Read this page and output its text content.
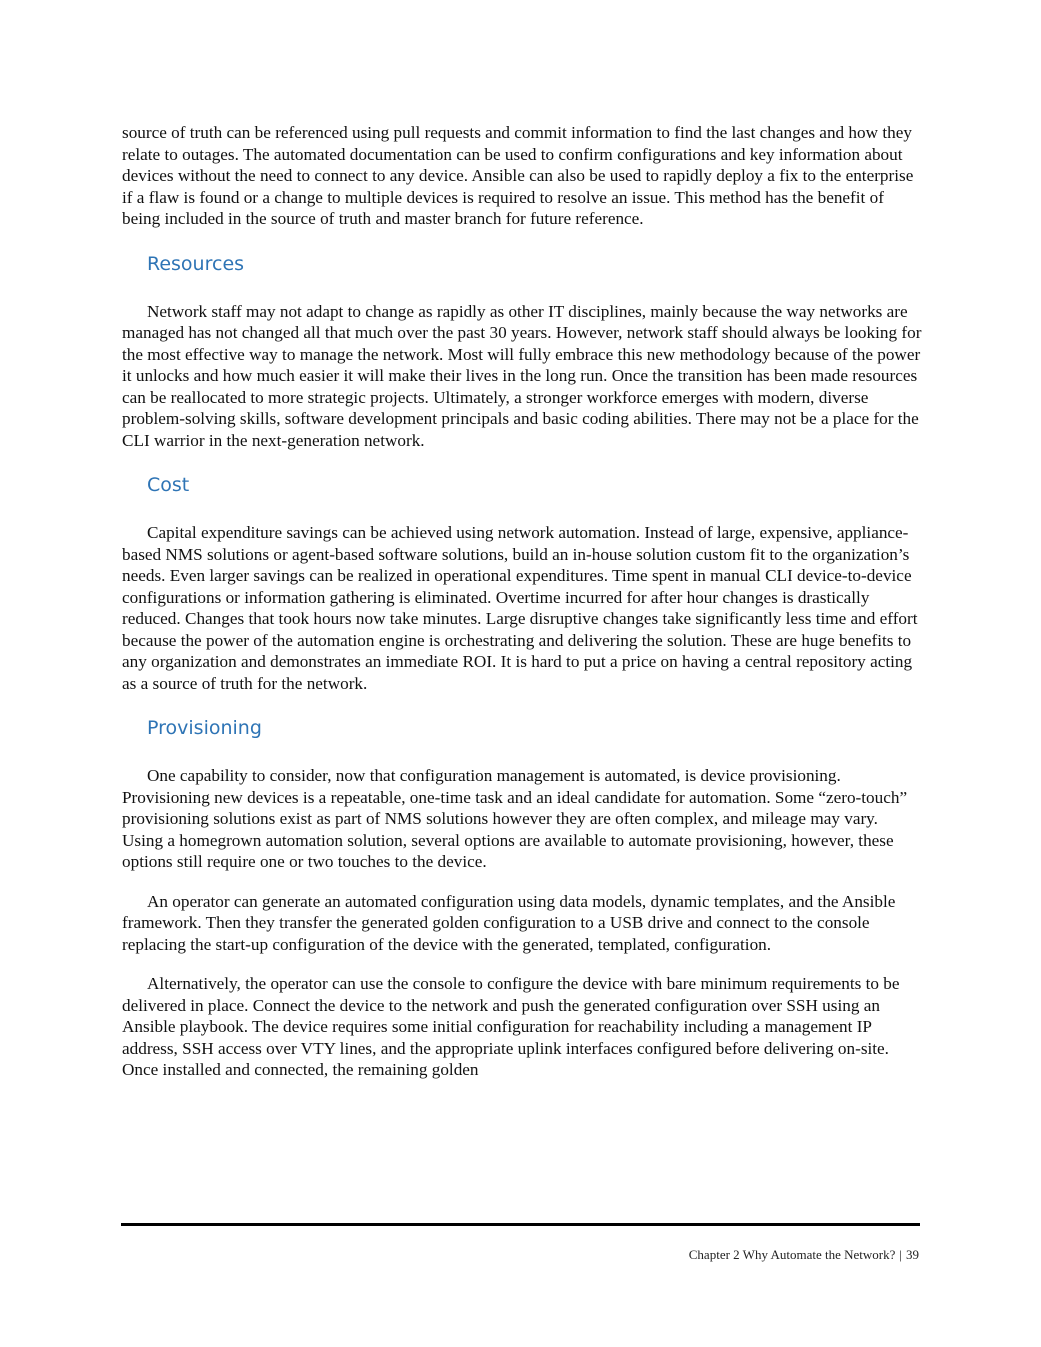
source of truth can be referenced using pull requests and commit information to find the last changes and how they relate to outages. The automated documentation can be used to confirm configurations and key information about devices without the need to connect to any device. Ansible can also be used to rapidly deploy a fix to the enterprise if a flaw is found or a change to multiple devices is required to resolve an issue. This method has the benefit of being included in the source of truth and master branch for future reference.

Resources

Network staff may not adapt to change as rapidly as other IT disciplines, mainly because the way networks are managed has not changed all that much over the past 30 years. However, network staff should always be looking for the most effective way to manage the network. Most will fully embrace this new methodology because of the power it unlocks and how much easier it will make their lives in the long run. Once the transition has been made resources can be reallocated to more strategic projects. Ultimately, a stronger workforce emerges with modern, diverse problem-solving skills, software development principals and basic coding abilities. There may not be a place for the CLI warrior in the next-generation network.

Cost

Capital expenditure savings can be achieved using network automation. Instead of large, expensive, appliance-based NMS solutions or agent-based software solutions, build an in-house solution custom fit to the organization’s needs. Even larger savings can be realized in operational expenditures. Time spent in manual CLI device-to-device configurations or information gathering is eliminated. Overtime incurred for after hour changes is drastically reduced. Changes that took hours now take minutes. Large disruptive changes take significantly less time and effort because the power of the automation engine is orchestrating and delivering the solution. These are huge benefits to any organization and demonstrates an immediate ROI. It is hard to put a price on having a central repository acting as a source of truth for the network.

Provisioning

One capability to consider, now that configuration management is automated, is device provisioning. Provisioning new devices is a repeatable, one-time task and an ideal candidate for automation. Some “zero-touch” provisioning solutions exist as part of NMS solutions however they are often complex, and mileage may vary. Using a homegrown automation solution, several options are available to automate provisioning, however, these options still require one or two touches to the device.

An operator can generate an automated configuration using data models, dynamic templates, and the Ansible framework. Then they transfer the generated golden configuration to a USB drive and connect to the console replacing the start-up configuration of the device with the generated, templated, configuration.

Alternatively, the operator can use the console to configure the device with bare minimum requirements to be delivered in place. Connect the device to the network and push the generated configuration over SSH using an Ansible playbook. The device requires some initial configuration for reachability including a management IP address, SSH access over VTY lines, and the appropriate uplink interfaces configured before delivering on-site. Once installed and connected, the remaining golden

Chapter 2 Why Automate the Network? | 39
